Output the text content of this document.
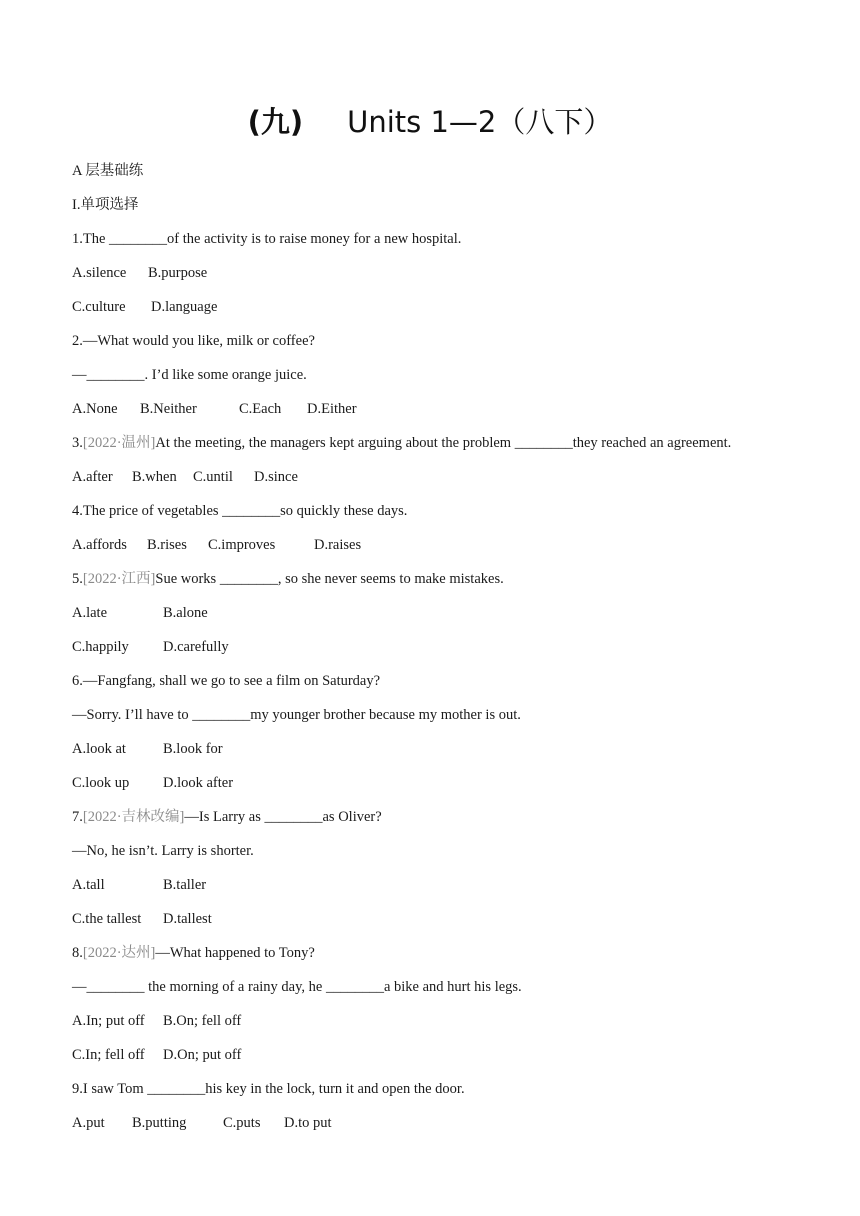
(九) Units 1—2（八下）
A 层基础练
I.单项选择
1.The ________of the activity is to raise money for a new hospital.
A.silence B.purpose
C.culture D.language
2.—What would you like, milk or coffee?
—________. I’d like some orange juice.
A.None B.Neither	C.Each D.Either
3.[2022·温州]At the meeting, the managers kept arguing about the problem ________they reached an agreement.
A.after B.when C.until D.since
4.The price of vegetables ________so quickly these days.
A.affords B.rises C.improves	D.raises
5.[2022·江西]Sue works ________, so she never seems to make mistakes.
A.late	B.alone
C.happily D.carefully
6.—Fangfang, shall we go to see a film on Saturday?
—Sorry. I’ll have to ________my younger brother because my mother is out.
A.look at	B.look for
C.look up D.look after
7.[2022·吉林改编]—Is Larry as ________as Oliver?
—No, he isn’t. Larry is shorter.
A.tall	B.taller
C.the tallest D.tallest
8.[2022·达州]—What happened to Tony?
—________ the morning of a rainy day, he ________a bike and hurt his legs.
A.In; put off B.On; fell off
C.In; fell off D.On; put off
9.I saw Tom ________his key in the lock, turn it and open the door.
A.put B.putting	C.puts D.to put
